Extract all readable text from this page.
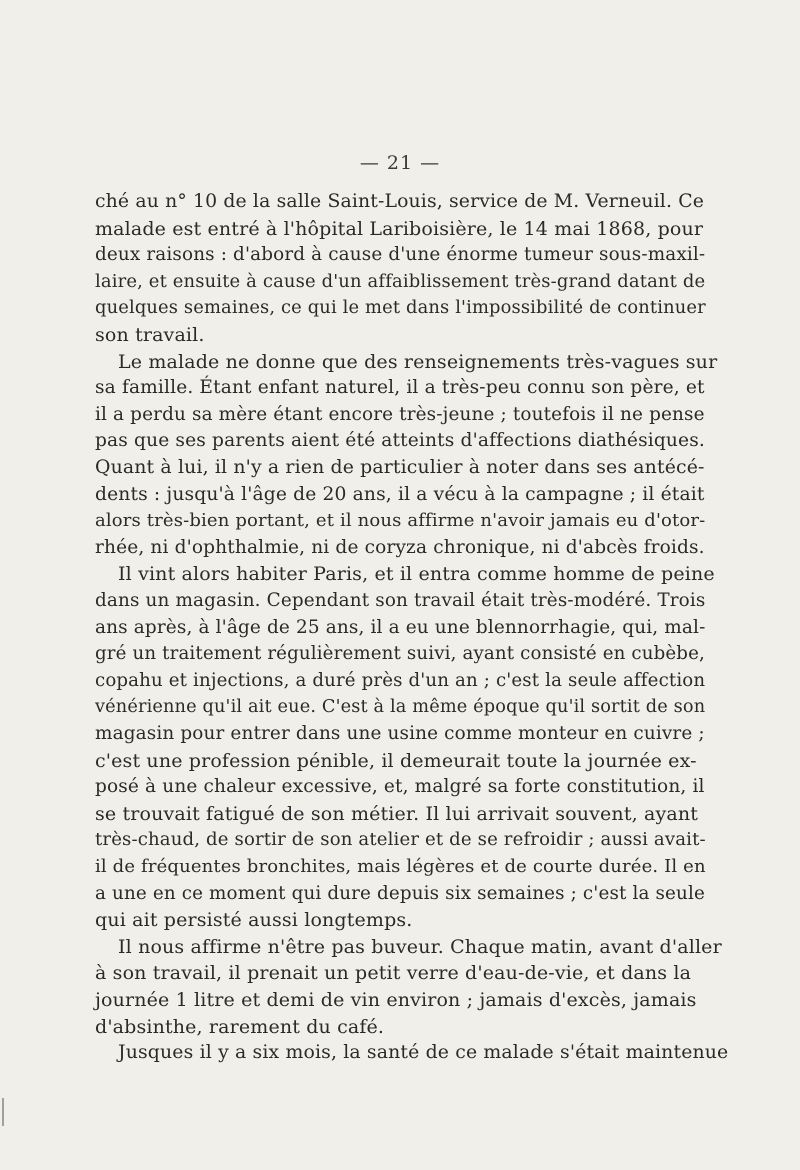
— 21 —
ché au n° 10 de la salle Saint-Louis, service de M. Verneuil. Ce
malade est entré à l'hôpital Lariboisière, le 14 mai 1868, pour
deux raisons : d'abord à cause d'une énorme tumeur sous-maxil-
laire, et ensuite à cause d'un affaiblissement très-grand datant de
quelques semaines, ce qui le met dans l'impossibilité de continuer
son travail.
Le malade ne donne que des renseignements très-vagues sur
sa famille. Étant enfant naturel, il a très-peu connu son père, et
il a perdu sa mère étant encore très-jeune ; toutefois il ne pense
pas que ses parents aient été atteints d'affections diathésiques.
Quant à lui, il n'y a rien de particulier à noter dans ses antécé-
dents : jusqu'à l'âge de 20 ans, il a vécu à la campagne ; il était
alors très-bien portant, et il nous affirme n'avoir jamais eu d'otor-
rhée, ni d'ophthalmie, ni de coryza chronique, ni d'abcès froids.
Il vint alors habiter Paris, et il entra comme homme de peine
dans un magasin. Cependant son travail était très-modéré. Trois
ans après, à l'âge de 25 ans, il a eu une blennorrhagie, qui, mal-
gré un traitement régulièrement suivi, ayant consisté en cubèbe,
copahu et injections, a duré près d'un an ; c'est la seule affection
vénérienne qu'il ait eue. C'est à la même époque qu'il sortit de son
magasin pour entrer dans une usine comme monteur en cuivre ;
c'est une profession pénible, il demeurait toute la journée ex-
posé à une chaleur excessive, et, malgré sa forte constitution, il
se trouvait fatigué de son métier. Il lui arrivait souvent, ayant
très-chaud, de sortir de son atelier et de se refroidir ; aussi avait-
il de fréquentes bronchites, mais légères et de courte durée. Il en
a une en ce moment qui dure depuis six semaines ; c'est la seule
qui ait persisté aussi longtemps.
Il nous affirme n'être pas buveur. Chaque matin, avant d'aller
à son travail, il prenait un petit verre d'eau-de-vie, et dans la
journée 1 litre et demi de vin environ ; jamais d'excès, jamais
d'absinthe, rarement du café.
Jusques il y a six mois, la santé de ce malade s'était maintenue
